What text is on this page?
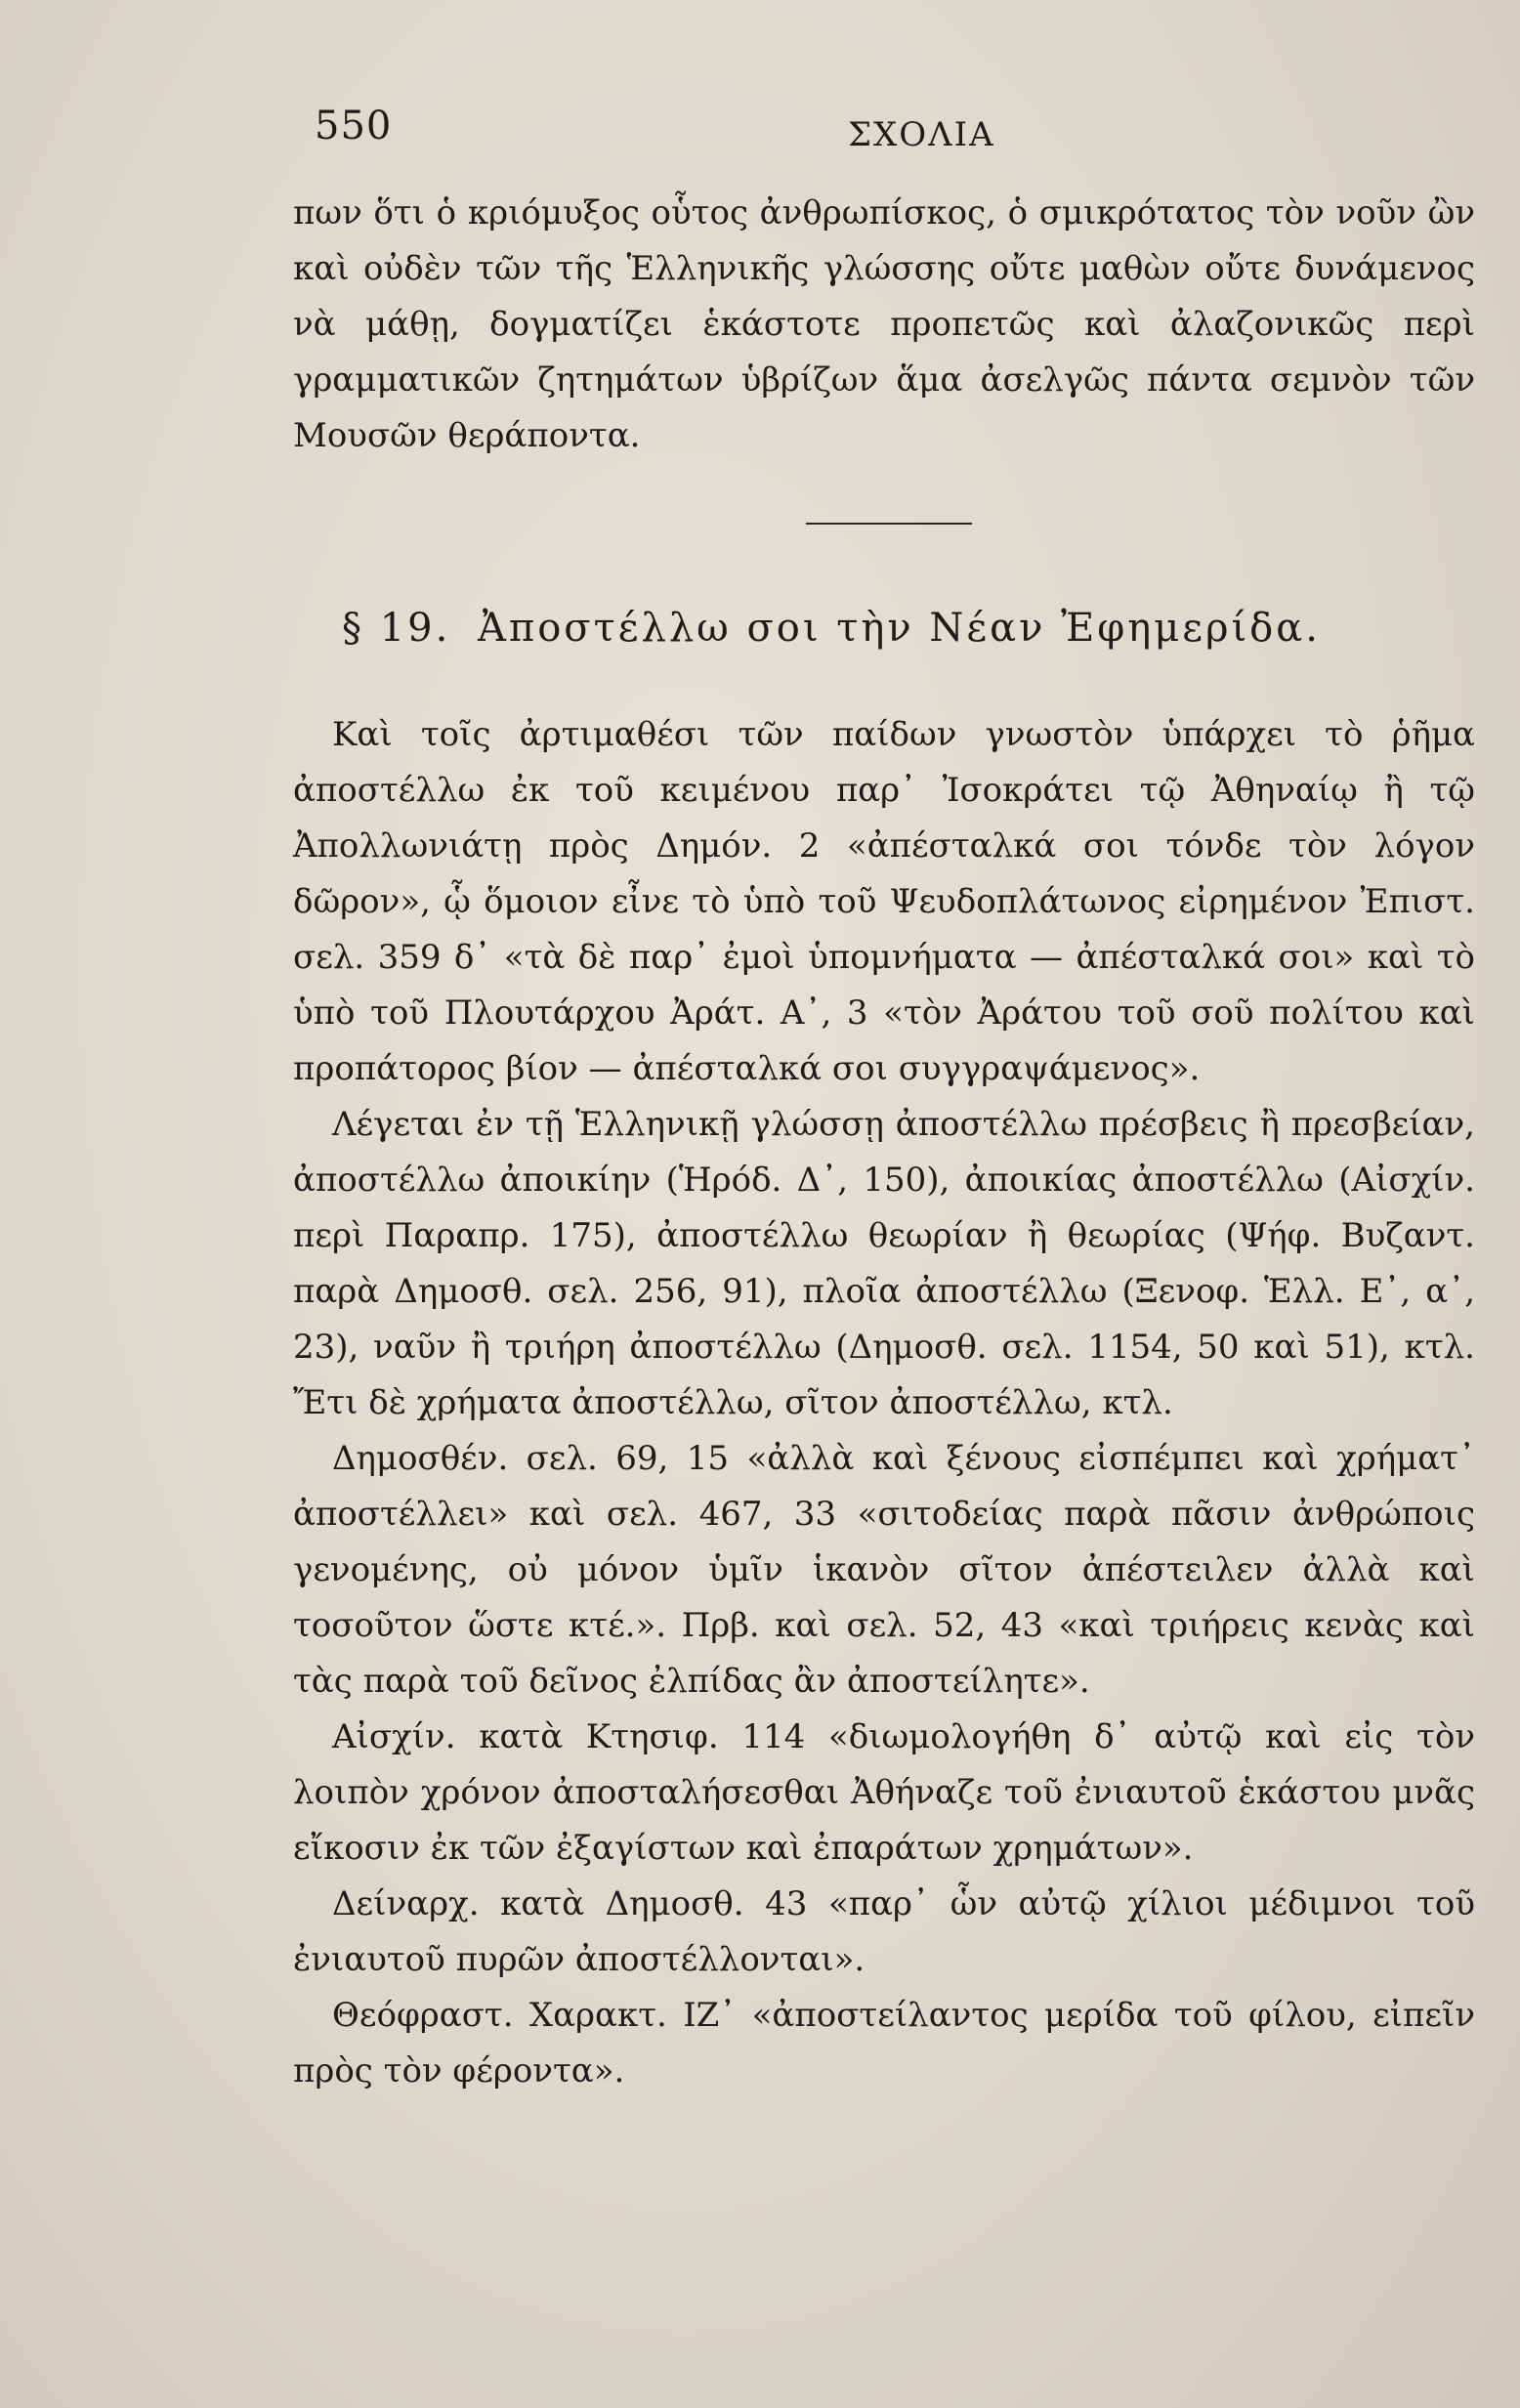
550	ΣΧΟΛΙΑ

πων ὅτι ὁ κριόμυξος οὗτος ἀνθρωπίσκος, ὁ σμικρότατος τὸν νοῦν ὢν καὶ οὐδὲν τῶν τῆς Ἑλληνικῆς γλώσσης οὔτε μαθὼν οὔτε δυνάμενος νὰ μάθῃ, δογματίζει ἑκάστοτε προπετῶς καὶ ἀλαζονικῶς περὶ γραμματικῶν ζητημάτων ὑβρίζων ἅμα ἀσελγῶς πάντα σεμνὸν τῶν Μουσῶν θεράποντα.

§ 19. Ἀποστέλλω σοι τὴν Νέαν Ἐφημερίδα.

Καὶ τοῖς ἀρτιμαθέσι τῶν παίδων γνωστὸν ὑπάρχει τὸ ῥῆμα ἀποστέλλω ἐκ τοῦ κειμένου παρ᾽ Ἰσοκράτει τῷ Ἀθηναίῳ ἢ τῷ Ἀπολλωνιάτῃ πρὸς Δημόν. 2 «ἀπέσταλκά σοι τόνδε τὸν λόγον δῶρον», ᾧ ὅμοιον εἶνε τὸ ὑπὸ τοῦ Ψευδοπλάτωνος εἰρημένον Ἐπιστ. σελ. 359 δ᾽ «τὰ δὲ παρ᾽ ἐμοὶ ὑπομνήματα — ἀπέσταλκά σοι» καὶ τὸ ὑπὸ τοῦ Πλουτάρχου Ἀράτ. Α᾽, 3 «τὸν Ἀράτου τοῦ σοῦ πολίτου καὶ προπάτορος βίον — ἀπέσταλκά σοι συγγραψάμενος».

Λέγεται ἐν τῇ Ἑλληνικῇ γλώσσῃ ἀποστέλλω πρέσβεις ἢ πρεσβείαν, ἀποστέλλω ἀποικίην (Ἡρόδ. Δ᾽, 150), ἀποικίας ἀποστέλλω (Αἰσχίν. περὶ Παραπρ. 175), ἀποστέλλω θεωρίαν ἢ θεωρίας (Ψήφ. Βυζαντ. παρὰ Δημοσθ. σελ. 256, 91), πλοῖα ἀποστέλλω (Ξενοφ. Ἑλλ. Ε᾽, α᾽, 23), ναῦν ἢ τριήρη ἀποστέλλω (Δημοσθ. σελ. 1154, 50 καὶ 51), κτλ. Ἔτι δὲ χρήματα ἀποστέλλω, σῖτον ἀποστέλλω, κτλ.

Δημοσθέν. σελ. 69, 15 «ἀλλὰ καὶ ξένους εἰσπέμπει καὶ χρήματ᾽ ἀποστέλλει» καὶ σελ. 467, 33 «σιτοδείας παρὰ πᾶσιν ἀνθρώποις γενομένης, οὐ μόνον ὑμῖν ἱκανὸν σῖτον ἀπέστειλεν ἀλλὰ καὶ τοσοῦτον ὥστε κτέ.». Πρβ. καὶ σελ. 52, 43 «καὶ τριήρεις κενὰς καὶ τὰς παρὰ τοῦ δεῖνος ἐλπίδας ἂν ἀποστείλητε».

Αἰσχίν. κατὰ Κτησιφ. 114 «διωμολογήθη δ᾽ αὐτῷ καὶ εἰς τὸν λοιπὸν χρόνον ἀποσταλήσεσθαι Ἀθήναζε τοῦ ἐνιαυτοῦ ἑκάστου μνᾶς εἴκοσιν ἐκ τῶν ἐξαγίστων καὶ ἐπαράτων χρημάτων».

Δείναρχ. κατὰ Δημοσθ. 43 «παρ᾽ ὧν αὐτῷ χίλιοι μέδιμνοι τοῦ ἐνιαυτοῦ πυρῶν ἀποστέλλονται».

Θεόφραστ. Χαρακτ. ΙΖ᾽ «ἀποστείλαντος μερίδα τοῦ φίλου, εἰπεῖν πρὸς τὸν φέροντα».
